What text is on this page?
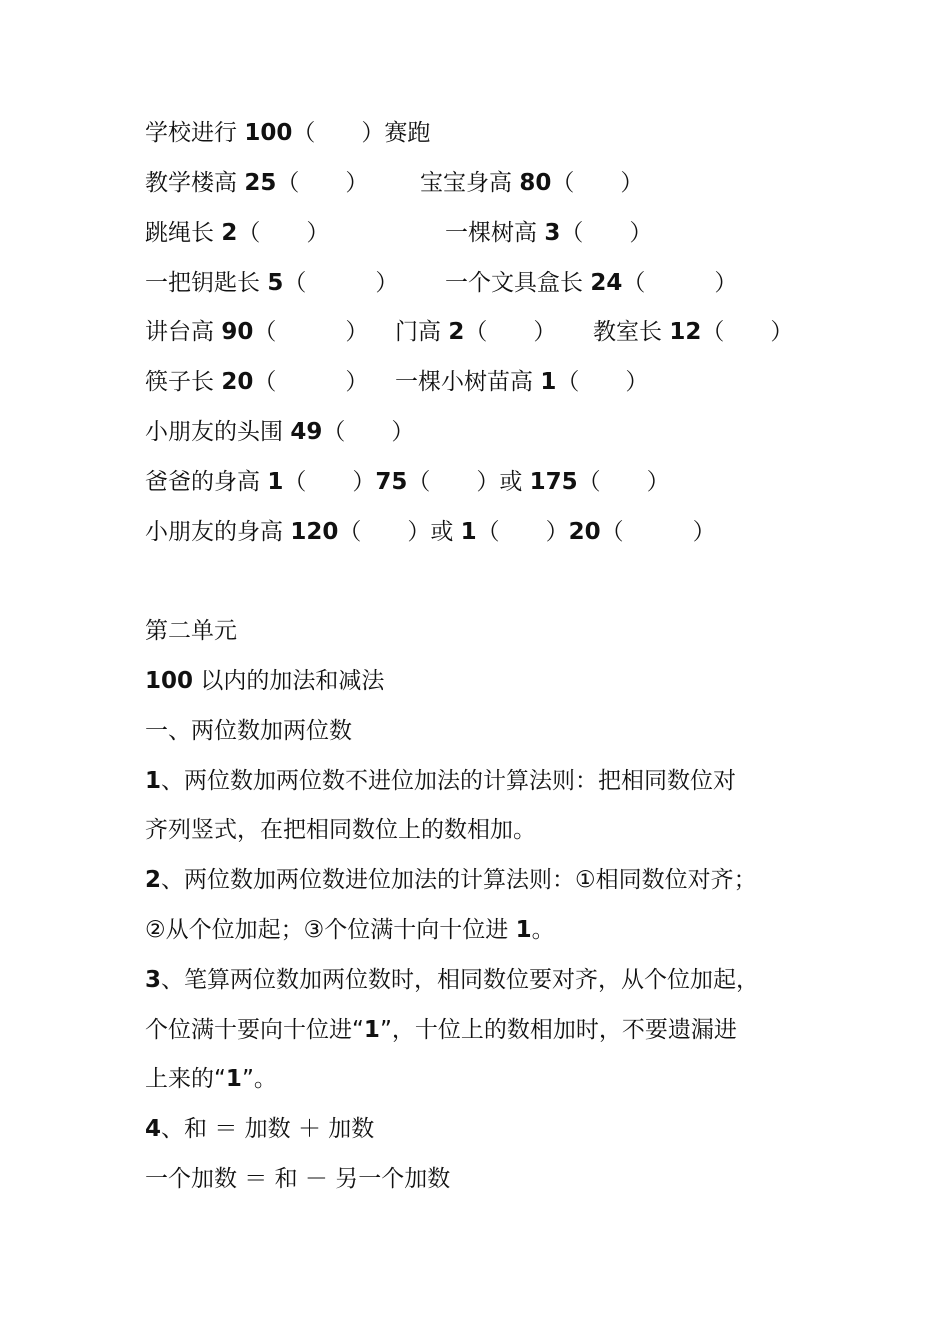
学校进行 100（　　）赛跑

教学楼高 25（　　）

宝宝身高 80（　　）

跳绳长 2（　　）

	一棵树高 3（　　）

一把钥匙长 5（　　　）

一个文具盒长 24（　　　）

讲台高 90（　　　）

门高 2（　　）

教室长 12（　　）

筷子长 20（　　　）

一棵小树苗高 1（　　）

小朋友的头围 49（　　）

爸爸的身高 1（　　）75（　　）或 175（　　）

小朋友的身高 120（　　）或 1（　　）20（　　　）

第二单元
100 以内的加法和减法
一、两位数加两位数
1、两位数加两位数不进位加法的计算法则：把相同数位对
齐列竖式，在把相同数位上的数相加。
2、两位数加两位数进位加法的计算法则：①相同数位对齐；
②从个位加起；③个位满十向十位进 1。
3、笔算两位数加两位数时，相同数位要对齐，从个位加起，
个位满十要向十位进“1”，十位上的数相加时，不要遗漏进
上来的“1”。
4、和 ＝ 加数 ＋ 加数
一个加数 ＝ 和 － 另一个加数
